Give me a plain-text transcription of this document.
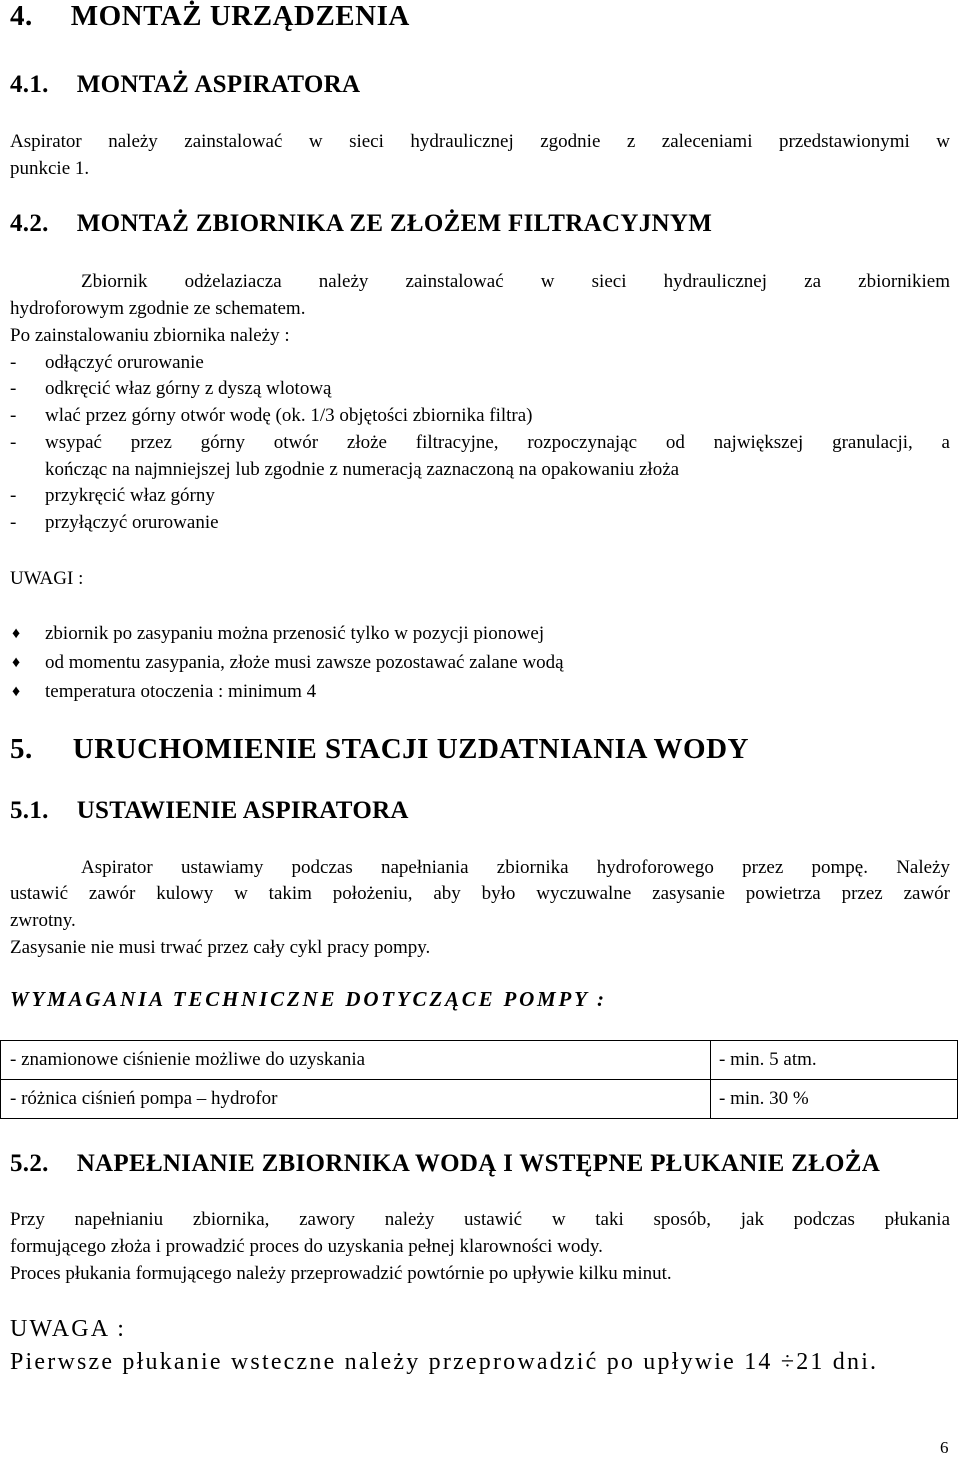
4. MONTAŻ URZĄDZENIA
4.1. MONTAŻ ASPIRATORA
Aspirator należy zainstalować w sieci hydraulicznej zgodnie z zaleceniami przedstawionymi w
punkcie 1.
4.2. MONTAŻ ZBIORNIKA ZE ZŁOŻEM FILTRACYJNYM
Zbiornik odżelaziacza należy zainstalować w sieci hydraulicznej za zbiornikiem
hydroforowym zgodnie ze schematem.
Po zainstalowaniu zbiornika należy :
- odłączyć orurowanie
- odkręcić właz górny z dyszą wlotową
- wlać przez górny otwór wodę (ok. 1/3 objętości zbiornika filtra)
- wsypać przez górny otwór złoże filtracyjne, rozpoczynając od największej granulacji, a
kończąc na najmniejszej lub zgodnie z numeracją zaznaczoną na opakowaniu złoża
- przykręcić właz górny
- przyłączyć orurowanie
UWAGI :
♦ zbiornik po zasypaniu można przenosić tylko w pozycji pionowej
♦ od momentu zasypania, złoże musi zawsze pozostawać zalane wodą
♦ temperatura otoczenia : minimum 4
5. URUCHOMIENIE STACJI UZDATNIANIA WODY
5.1. USTAWIENIE ASPIRATORA
Aspirator ustawiamy podczas napełniania zbiornika hydroforowego przez pompę. Należy
ustawić zawór kulowy w takim położeniu, aby było wyczuwalne zasysanie powietrza przez zawór
zwrotny.
Zasysanie nie musi trwać przez cały cykl pracy pompy.
WYMAGANIA TECHNICZNE DOTYCZĄCE POMPY :
- znamionowe ciśnienie możliwe do uzyskania	- min. 5 atm.
- różnica ciśnień pompa – hydrofor	- min. 30 %
5.2. NAPEŁNIANIE ZBIORNIKA WODĄ I WSTĘPNE PŁUKANIE ZŁOŻA
Przy napełnianiu zbiornika, zawory należy ustawić w taki sposób, jak podczas płukania
formującego złoża i prowadzić proces do uzyskania pełnej klarowności wody.
Proces płukania formującego należy przeprowadzić powtórnie po upływie kilku minut.
UWAGA :
Pierwsze płukanie wsteczne należy przeprowadzić po upływie 14 ÷21 dni.
6
